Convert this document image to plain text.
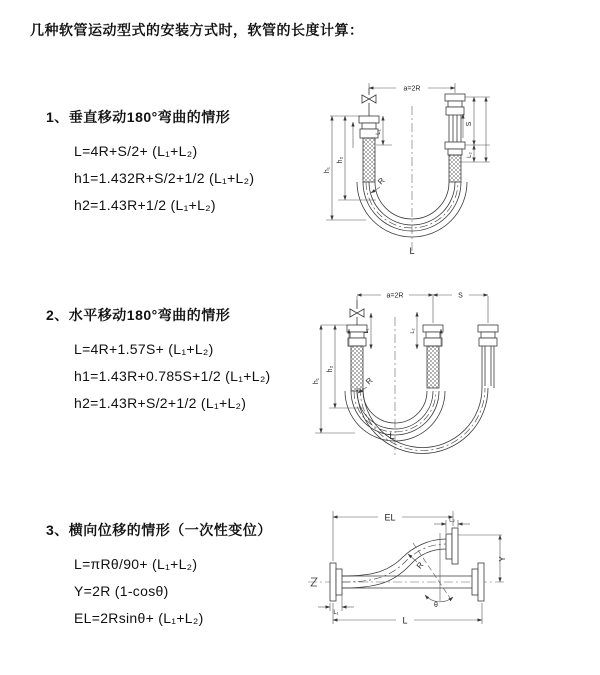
几种软管运动型式的安装方式时，软管的长度计算：
1、垂直移动180°弯曲的情形

L=4R+S/2+ (L₁+L₂)

h1=1.432R+S/2+1/2 (L₁+L₂)

h2=1.43R+1/2 (L₁+L₂)

2、水平移动180°弯曲的情形

L=4R+1.57S+ (L₁+L₂)

h1=1.43R+0.785S+1/2 (L₁+L₂)

h2=1.43R+S/2+1/2 (L₁+L₂)

3、横向位移的情形（一次性变位）

L=πRθ/90+ (L₁+L₂)

Y=2R (1-cosθ)

EL=2Rsinθ+ (L₁+L₂)

a=2R
h₂
h₁
L₁
S
L₂
R
L
a=2R	S
h₂
h₁
L₁	L₂
R
L
EL	L₂
Y
θ
R
L
L₁
